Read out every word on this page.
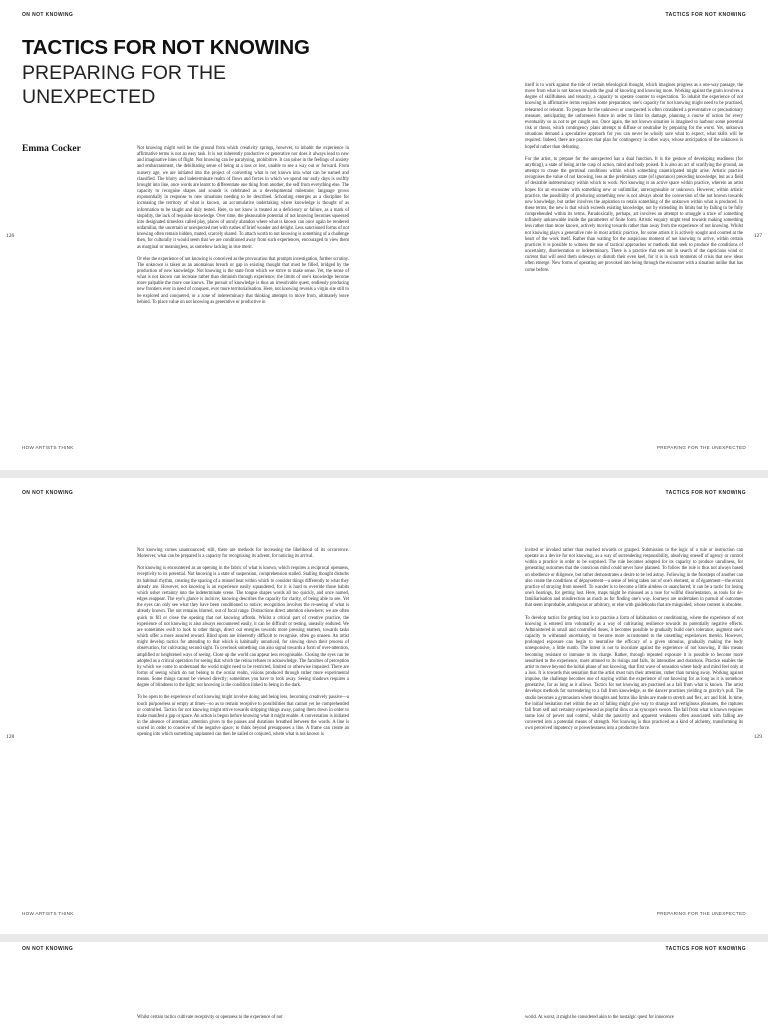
ON NOT KNOWING	TACTICS FOR NOT KNOWING
TACTICS FOR NOT KNOWING
PREPARING FOR THE UNEXPECTED
Emma Cocker	Not knowing might well be the ground from which creativity springs, however, to inhabit the experience in affirmative terms is not an easy task. It is not inherently productive or generative nor does it always lead to new and imaginative lines of flight. Not knowing can be paralysing, prohibitive. It can usher in the feelings of anxiety and embarrassment, the debilitating sense of being at a loss or lost, unable to see a way out or forward. From nursery age, we are initiated into the project of converting what is not known into what can be named and classified. The blurry and indeterminate realm of flows and forces in which we spend our early days is swiftly brought into line, once words are learnt to differentiate one thing from another, the self from everything else. The capacity to recognise shapes and sounds is celebrated as a developmental milestone; language grows exponentially in response to new situations needing to be described. Schooling emerges as a discipline for increasing the territory of what is known, an accumulative undertaking where knowledge is thought of as information to be taught and duly tested. Here, to not know is treated as a deficiency or failure, as a mark of stupidity, the lack of requisite knowledge. Over time, the pleasurable potential of not knowing becomes squeezed into designated timeslots called play, places of unruly abandon where what is known can once again be rendered unfamiliar, the uncertain or unexpected met with rushes of brief wonder and delight. Less sanctioned forms of not knowing often remain hidden, muted, scarcely shared. To attach worth to not knowing is something of a challenge then, for culturally it would seem that we are conditioned away from such experiences, encouraged to view them as marginal or meaningless, as somehow lacking in true merit.

Or else the experience of not knowing is conceived as the provocation that prompts investigation, further scrutiny. The unknown is taken as an anomalous breach or gap in existing thought that must be filled, bridged by the production of new knowledge. Not knowing is the state from which we strive to make sense. Yet, the sense of what is not known can increase rather than diminish through experience; the limits of one's knowledge become more palpable the more one knows. The pursuit of knowledge is thus an irresolvable quest, endlessly producing new frontiers ever in need of conquest, ever more territorialisation. Here, not knowing reveals a virgin site still to be explored and conquered, or a zone of indeterminacy that thinking attempts to move from, ultimately leave behind. To place value on not knowing as generative or productive in

itself is to work against the tide of certain teleological thought, which imagines progress as a one-way passage, the move from what is not known towards the goal of knowing and knowing more. Working against the grain involves a degree of skillfulness and tenacity, a capacity to operate counter to expectation. To inhabit the experience of not knowing in affirmative terms requires some preparation; one's capacity for not knowing might need to be practised, rehearsed or relearnt. To prepare for the unknown or unexpected is often considered a preventative or precautionary measure, anticipating the unforeseen future in order to limit its damage, planning a course of action for every eventuality so as not to get caught out. Once again, the not known situation is imagined to harbour some potential risk or threat, which contingency plans attempt to diffuse or neutralise by preparing for the worst. Yet, unknown situations demand a speculative approach for you can never be wholly sure what to expect, what skills will be required. Indeed, there are practices that plan for contingency in other ways, whose anticipation of the unknown is hopeful rather than defeating.

For the artist, to prepare for the unexpected has a dual function. It is the gesture of developing readiness (for anything), a state of being at the cusp of action, mind and body poised. It is also an act of scarifying the ground, an attempt to create the germinal conditions within which something unanticipated might arise. Artistic practice recognises the value of not knowing, less as the preliminary state (of ignorance) preceding knowledge, but as a field of desirable indeterminacy within which to work. Not knowing is an active space within practice, wherein an artist hopes for an encounter with something new or unfamiliar, unrecognisable or unknown. However, within artistic practice, the possibility of producing something new is not always about the conversion of the not known towards new knowledge, but rather involves the aspiration to retain something of the unknown within what is produced. In these terms, the new is that which exceeds existing knowledge, not by extending its limits but by failing to be fully comprehended within its terms. Paradoxically, perhaps, art involves an attempt to smuggle a trace of something infinitely unknowable inside the parameters of finite form. Artistic enquiry might tend towards making something less rather than more known, actively moving towards rather than away from the experience of not knowing. Whilst not knowing plays a generative role in most artistic practice, for some artists it is actively sought and courted at the heart of the work itself. Rather than waiting for the auspicious moment of not knowing to arrive, within certain practices it is possible to witness the use of tactical approaches or methods that seek to produce the conditions of uncertainty, disorientation or indeterminacy. There is a practice that sets out in search of the capricious wind or current that will send them sideways or disturb their even keel, for it is in such moments of crisis that new ideas often emerge. New forms of operating are provoked into being through the encounter with a situation unlike that has come before.

126	127
HOW ARTISTS THINK	PREPARING FOR THE UNEXPECTED
ON NOT KNOWING	TACTICS FOR NOT KNOWING

Not knowing comes unannounced; still, there are methods for increasing the likelihood of its occurrence. Moreover, what can be prepared is a capacity for recognising its advent, for noticing its arrival.

Not knowing is encountered as an opening in the fabric of what is known, which requires a reciprocal openness, receptivity to its potential. Not knowing is a state of suspension, comprehension stalled. Stalling thought disturbs its habitual rhythm, creating the spacing of a missed beat within which to consider things differently to what they already are. However, not knowing is an experience easily squandered, for it is hard to override those habits which usher certainty into the indeterminate scene. The tongue shapes words all too quickly, and once named, edges reappear. The eye's glance is incisive; knowing describes the capacity for clarity, of being able to see. Yet the eyes can only see what they have been conditioned to notice; recognition involves the re-seeing of what is already known. The not remains blurred, out of focal range. Distractions direct attention elsewhere; we are often quick to fill or close the opening that not knowing affords. Whilst a critical part of creative practice, the experience of not knowing is also always encountered easily, it can be difficult or testing, uneasily endured. We are sometimes swift to look to other things, direct our energies towards more pressing matters, towards tasks which offer a more assured reward. Blind spots are inherently difficult to recognise, often go unseen. An artist might develop tactics for attending to that which is habitually unnoticed, for slowing down their process of observation, for cultivating second sight. To overlook something can also signal towards a form of over-attention, amplified or heightened ways of seeing. Close up the world can appear less recognisable. Closing the eyes can be adopted as a critical operation for seeing that which the retina refuses to acknowledge. The faculties of perception by which we come to understand the world might need to be restricted, limited or otherwise impaired. There are forms of seeing which do not belong to the ocular realm, visions produced through rather more experimental means. Some things cannot be viewed directly; sometimes you have to look away. Seeing shadows requires a degree of blindness to the light; not knowing is the condition linked to being in the dark.

To be open to the experience of not knowing might involve doing and being less, becoming creatively passive—a touch purposeless or empty at times—so as to remain receptive to possibilities that cannot yet be comprehended or controlled. Tactics for not knowing might strive towards stripping things away, paring them down in order to make manifest a gap or space. An action is begun before knowing what it might enable. A conversation is initiated in the absence of intention; attention given to the pauses and durations breathed between the words. A line is scored in order to conceive of the negative space; to think beyond presupposes a line. A frame can create an opening into which something unplanned can then be sailed or conjured, where what is not known is

invited or invoked rather than reached towards or grasped. Submission to the logic of a rule or instruction can operate as a device for not knowing, as a way of surrendering responsibility, absolving oneself of agency or control within a practice in order to be surprised. The rule becomes adopted for its capacity to produce unruliness, for generating outcomes that the conscious mind could never have planned. To follow the rule is thus not always based on obedience or diligence, but rather demonstrates a desire to be led astray. Following in the footsteps of another can also create the conditions of dépaysement—a sense of being taken out of one's element, or of égarement—the errant practice of straying from oneself. To wander is to become a little aimless or unanchored; it can be a tactic for losing one's bearings, for getting lost. Here, maps might be misused as a ruse for willful disorientation, as tools for de-familiarisation and misdirection as much as for finding one's way. Journeys are undertaken in pursuit of outcomes that seem improbable, ambiguous or arbitrary, or else with guidebooks that are misguided, whose content is obsolete.

To develop tactics for getting lost is to practise a form of habituation or conditioning, where the experience of not knowing is entered into voluntarily as a way of cultivating resilience towards its potentially negative effects. Administered in small and controlled doses, it becomes possible to gradually build one's tolerance, augment one's capacity to withstand uncertainty, to become more accustomed to the unsettling experiences therein. However, prolonged exposure can begin to neutralise the efficacy of a given stimulus, gradually making the body unresponsive, a little numb. The intent is not to inoculate against the experience of not knowing, if this means becoming resistant or immune to its charge. Rather, through repeated exposure it is possible to become more sensitised to the experience, more attuned to its risings and falls, its intensities and durations. Practice enables the artist to move beyond the initial phase of not knowing, that first wave of sensation where body and mind feel only at a loss. It is towards this sensation that the artist must turn their attention, rather than turning away. Working against impulse, the challenge becomes one of staying within the experience of not knowing for as long as it is somehow generative, for as long as it allows. Tactics for not knowing are practised as a fall from what is known. The artist develops methods for surrendering to a fall from knowledge, as the dancer practises yielding to gravity's pull. The studio becomes a gymnasium where thoughts and forms like limbs are made to stretch and flex, arc and fold. In time, the initial hesitation met within the act of falling might give way to strange and vertiginous pleasures, the raptures fall from self and certainty experienced as playful ilinx or as syncope's swoon. The fall from what is known requires some loss of power and control, whilst the passivity and apparent weakness often associated with falling are converted into a potential means of strength. Not knowing is thus practiced as a kind of alchemy, transforming its own perceived impotency or powerlessness into a productive force.

128	129
HOW ARTISTS THINK	PREPARING FOR THE UNEXPECTED
ON NOT KNOWING	TACTICS FOR NOT KNOWING

Whilst certain tactics cultivate receptivity or openness to the experience of not	world. At worst, it might be considered akin to the nostalgic quest for innocence
